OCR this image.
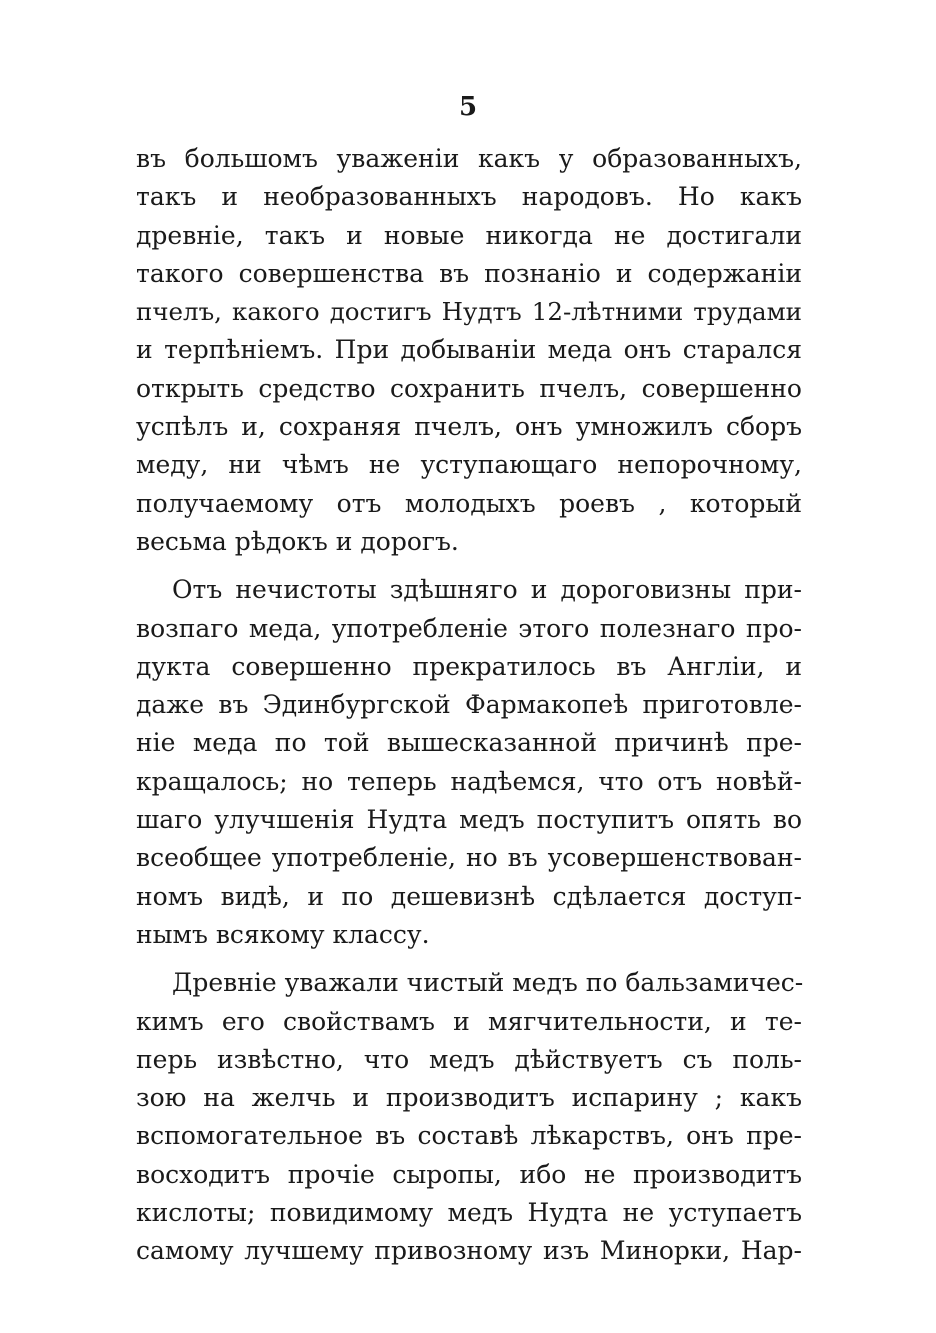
5
въ большомъ уваженіи какъ у образованныхъ,
такъ и необразованныхъ народовъ. Но какъ
древніе, такъ и новые никогда не достигали
такого совершенства въ познаніо и содержаніи
пчелъ, какого достигъ Нудтъ 12-лѣтними трудами
и терпѣніемъ. При добываніи меда онъ старался
открыть средство сохранить пчелъ, совершенно
успѣлъ и, сохраняя пчелъ, онъ умножилъ сборъ
меду, ни чѣмъ не уступающаго непорочному,
получаемому отъ молодыхъ роевъ , который
весьма рѣдокъ и дорогъ.
Отъ нечистоты здѣшняго и дороговизны при-
возпаго меда, употребленіе этого полезнаго про-
дукта совершенно прекратилось въ Англіи, и
даже въ Эдинбургской Фармакопеѣ приготовле-
ніе меда по той вышесказанной причинѣ пре-
кращалось; но теперь надѣемся, что отъ новѣй-
шаго улучшенія Нудта медъ поступитъ опять во
всеобщее употребленіе, но въ усовершенствован-
номъ видѣ, и по дешевизнѣ сдѣлается доступ-
нымъ всякому классу.
Древніе уважали чистый медъ по бальзамичес-
кимъ его свойствамъ и мягчительности, и те-
перь извѣстно, что медъ дѣйствуетъ съ поль-
зою на желчь и производитъ испарину ; какъ
вспомогательное въ составѣ лѣкарствъ, онъ пре-
восходитъ прочіе сыропы, ибо не производитъ
кислоты; повидимому медъ Нудта не уступаетъ
самому лучшему привозному изъ Минорки, Нар-
